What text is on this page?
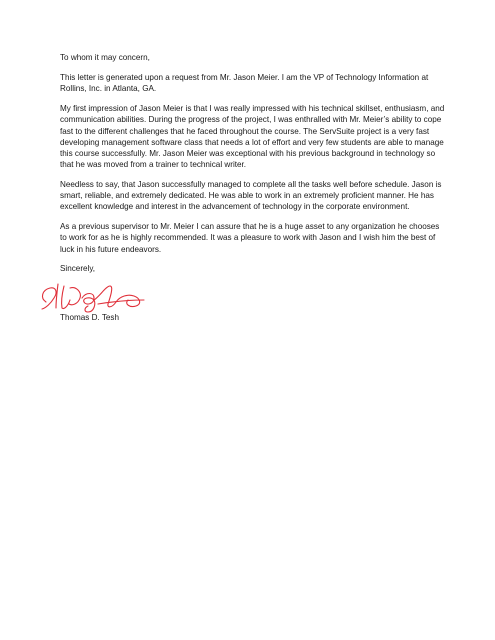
To whom it may concern,

This letter is generated upon a request from Mr. Jason Meier. I am the VP of Technology Information at Rollins, Inc. in Atlanta, GA.

My first impression of Jason Meier is that I was really impressed with his technical skillset, enthusiasm, and communication abilities. During the progress of the project, I was enthralled with Mr. Meier’s ability to cope fast to the different challenges that he faced throughout the course. The ServSuite project is a very fast developing management software class that needs a lot of effort and very few students are able to manage this course successfully. Mr. Jason Meier was exceptional with his previous background in technology so that he was moved from a trainer to technical writer.

Needless to say, that Jason successfully managed to complete all the tasks well before schedule. Jason is smart, reliable, and extremely dedicated. He was able to work in an extremely proficient manner. He has excellent knowledge and interest in the advancement of technology in the corporate environment.

As a previous supervisor to Mr. Meier I can assure that he is a huge asset to any organization he chooses to work for as he is highly recommended. It was a pleasure to work with Jason and I wish him the best of luck in his future endeavors.

Sincerely,

Thomas D. Tesh
